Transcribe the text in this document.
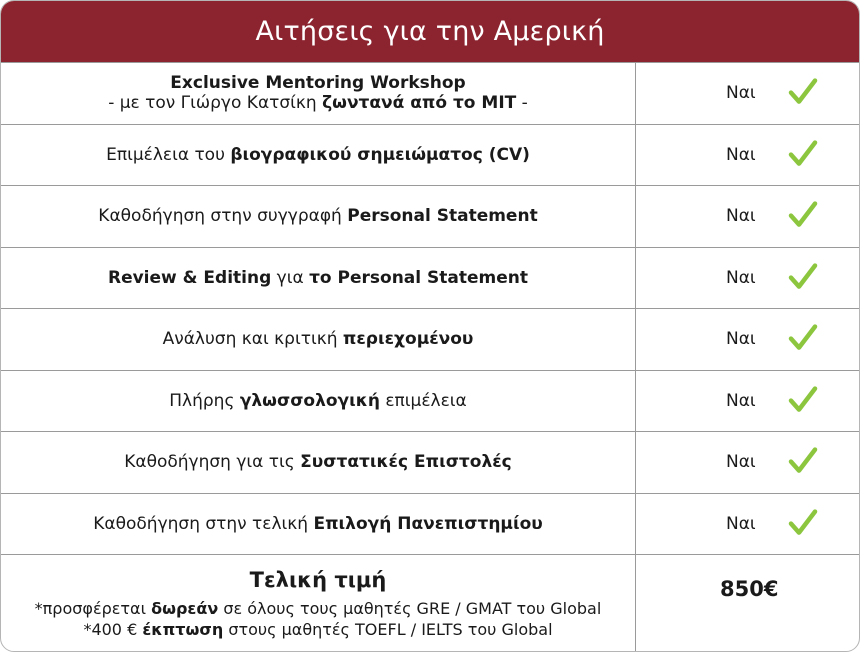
Αιτήσεις για την Αμερική
Exclusive Mentoring Workshop
- με τον Γιώργο Κατσίκη ζωντανά από το MIT -	Ναι

Επιμέλεια του βιογραφικού σημειώματος (CV)	Ναι

Καθοδήγηση στην συγγραφή Personal Statement	Ναι

Review & Editing για το Personal Statement	Ναι

Ανάλυση και κριτική περιεχομένου	Ναι

Πλήρης γλωσσολογική επιμέλεια	Ναι

Καθοδήγηση για τις Συστατικές Επιστολές	Ναι

Καθοδήγηση στην τελική Επιλογή Πανεπιστημίου	Ναι

Τελική τιμή
*προσφέρεται δωρεάν σε όλους τους μαθητές GRE / GMAT του Global
*400 € έκπτωση στους μαθητές TOEFL / IELTS του Global	850€
